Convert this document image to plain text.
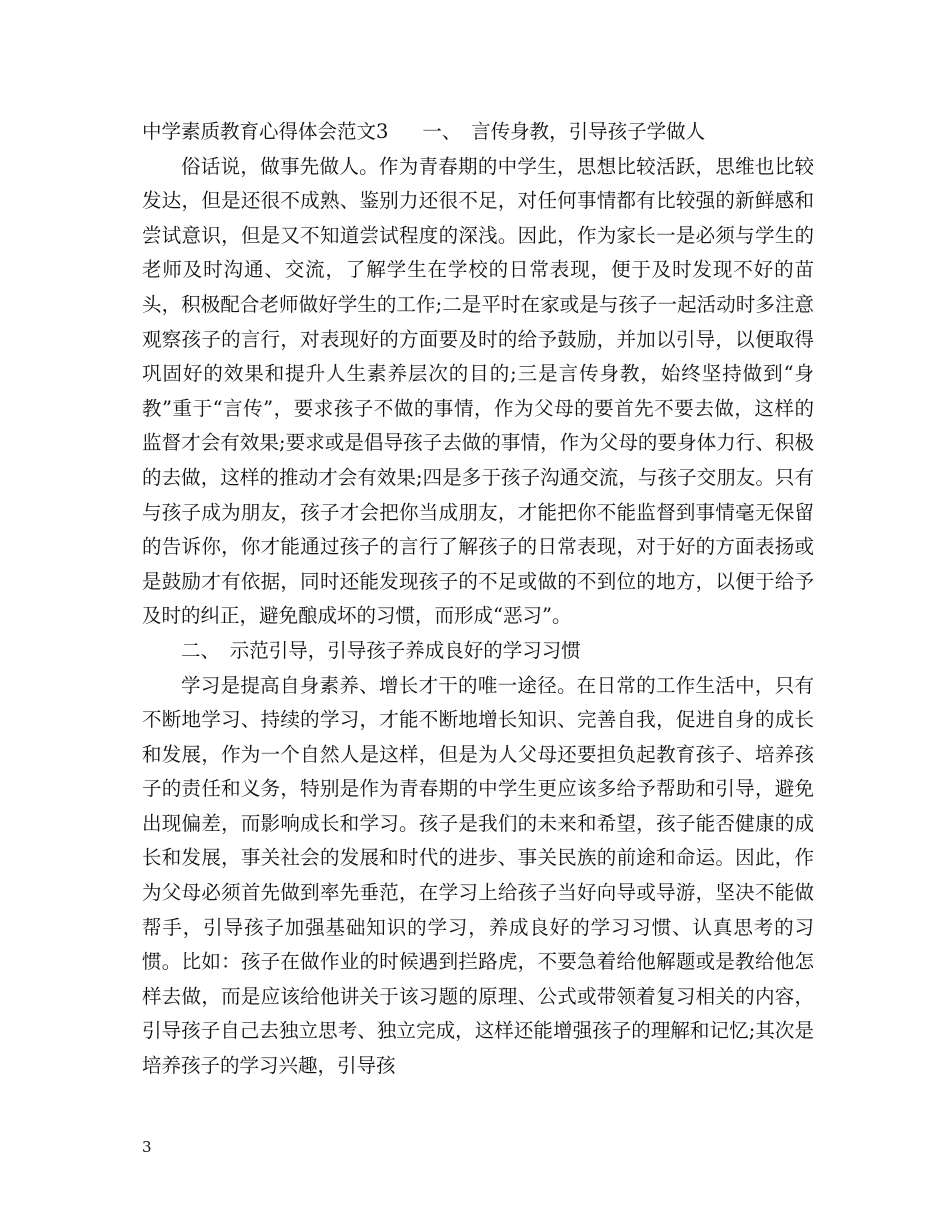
中学素质教育心得体会范文3 一、　言传身教，引导孩子学做人

俗话说，做事先做人。作为青春期的中学生，思想比较活跃，思维也比较发达，但是还很不成熟、鉴别力还很不足，对任何事情都有比较强的新鲜感和尝试意识，但是又不知道尝试程度的深浅。因此，作为家长一是必须与学生的老师及时沟通、交流，了解学生在学校的日常表现，便于及时发现不好的苗头，积极配合老师做好学生的工作;二是平时在家或是与孩子一起活动时多注意观察孩子的言行，对表现好的方面要及时的给予鼓励，并加以引导，以便取得巩固好的效果和提升人生素养层次的目的;三是言传身教，始终坚持做到“身教”重于“言传”，要求孩子不做的事情，作为父母的要首先不要去做，这样的监督才会有效果;要求或是倡导孩子去做的事情，作为父母的要身体力行、积极的去做，这样的推动才会有效果;四是多于孩子沟通交流，与孩子交朋友。只有与孩子成为朋友，孩子才会把你当成朋友，才能把你不能监督到事情毫无保留的告诉你，你才能通过孩子的言行了解孩子的日常表现，对于好的方面表扬或是鼓励才有依据，同时还能发现孩子的不足或做的不到位的地方，以便于给予及时的纠正，避免酿成坏的习惯，而形成“恶习”。

二、　示范引导，引导孩子养成良好的学习习惯

学习是提高自身素养、增长才干的唯一途径。在日常的工作生活中，只有不断地学习、持续的学习，才能不断地增长知识、完善自我，促进自身的成长和发展，作为一个自然人是这样，但是为人父母还要担负起教育孩子、培养孩子的责任和义务，特别是作为青春期的中学生更应该多给予帮助和引导，避免出现偏差，而影响成长和学习。孩子是我们的未来和希望，孩子能否健康的成长和发展，事关社会的发展和时代的进步、事关民族的前途和命运。因此，作为父母必须首先做到率先垂范，在学习上给孩子当好向导或导游，坚决不能做帮手，引导孩子加强基础知识的学习，养成良好的学习习惯、认真思考的习惯。比如：孩子在做作业的时候遇到拦路虎，不要急着给他解题或是教给他怎样去做，而是应该给他讲关于该习题的原理、公式或带领着复习相关的内容，引导孩子自己去独立思考、独立完成，这样还能增强孩子的理解和记忆;其次是培养孩子的学习兴趣，引导孩

3
